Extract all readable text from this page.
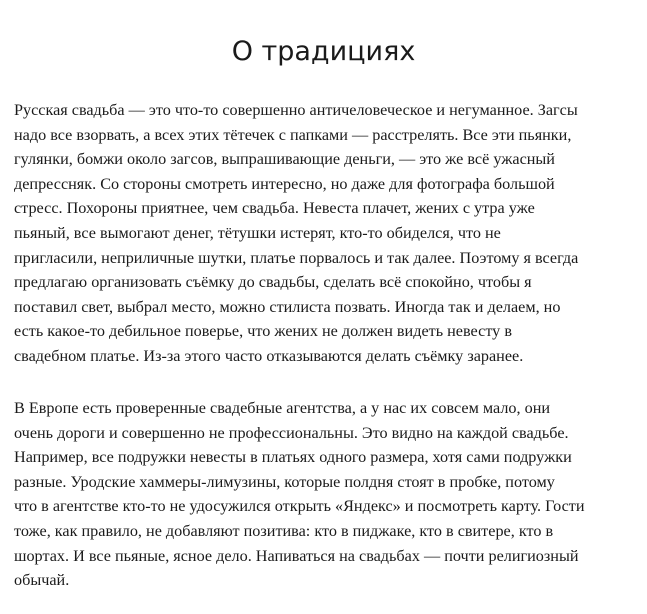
О традициях

Русская свадьба — это что-то совершенно античеловеческое и негуманное. Загсы
надо все взорвать, а всех этих тётечек с папками — расстрелять. Все эти пьянки,
гулянки, бомжи около загсов, выпрашивающие деньги, — это же всё ужасный
депрессняк. Со стороны смотреть интересно, но даже для фотографа большой
стресс. Похороны приятнее, чем свадьба. Невеста плачет, жених с утра уже
пьяный, все вымогают денег, тётушки истерят, кто-то обиделся, что не
пригласили, неприличные шутки, платье порвалось и так далее. Поэтому я всегда
предлагаю организовать съёмку до свадьбы, сделать всё спокойно, чтобы я
поставил свет, выбрал место, можно стилиста позвать. Иногда так и делаем, но
есть какое-то дебильное поверье, что жених не должен видеть невесту в
свадебном платье. Из-за этого часто отказываются делать съёмку заранее.

В Европе есть проверенные свадебные агентства, а у нас их совсем мало, они
очень дороги и совершенно не профессиональны. Это видно на каждой свадьбе.
Например, все подружки невесты в платьях одного размера, хотя сами подружки
разные. Уродские хаммеры-лимузины, которые полдня стоят в пробке, потому
что в агентстве кто-то не удосужился открыть «Яндекс» и посмотреть карту. Гости
тоже, как правило, не добавляют позитива: кто в пиджаке, кто в свитере, кто в
шортах. И все пьяные, ясное дело. Напиваться на свадьбах — почти религиозный
обычай.
